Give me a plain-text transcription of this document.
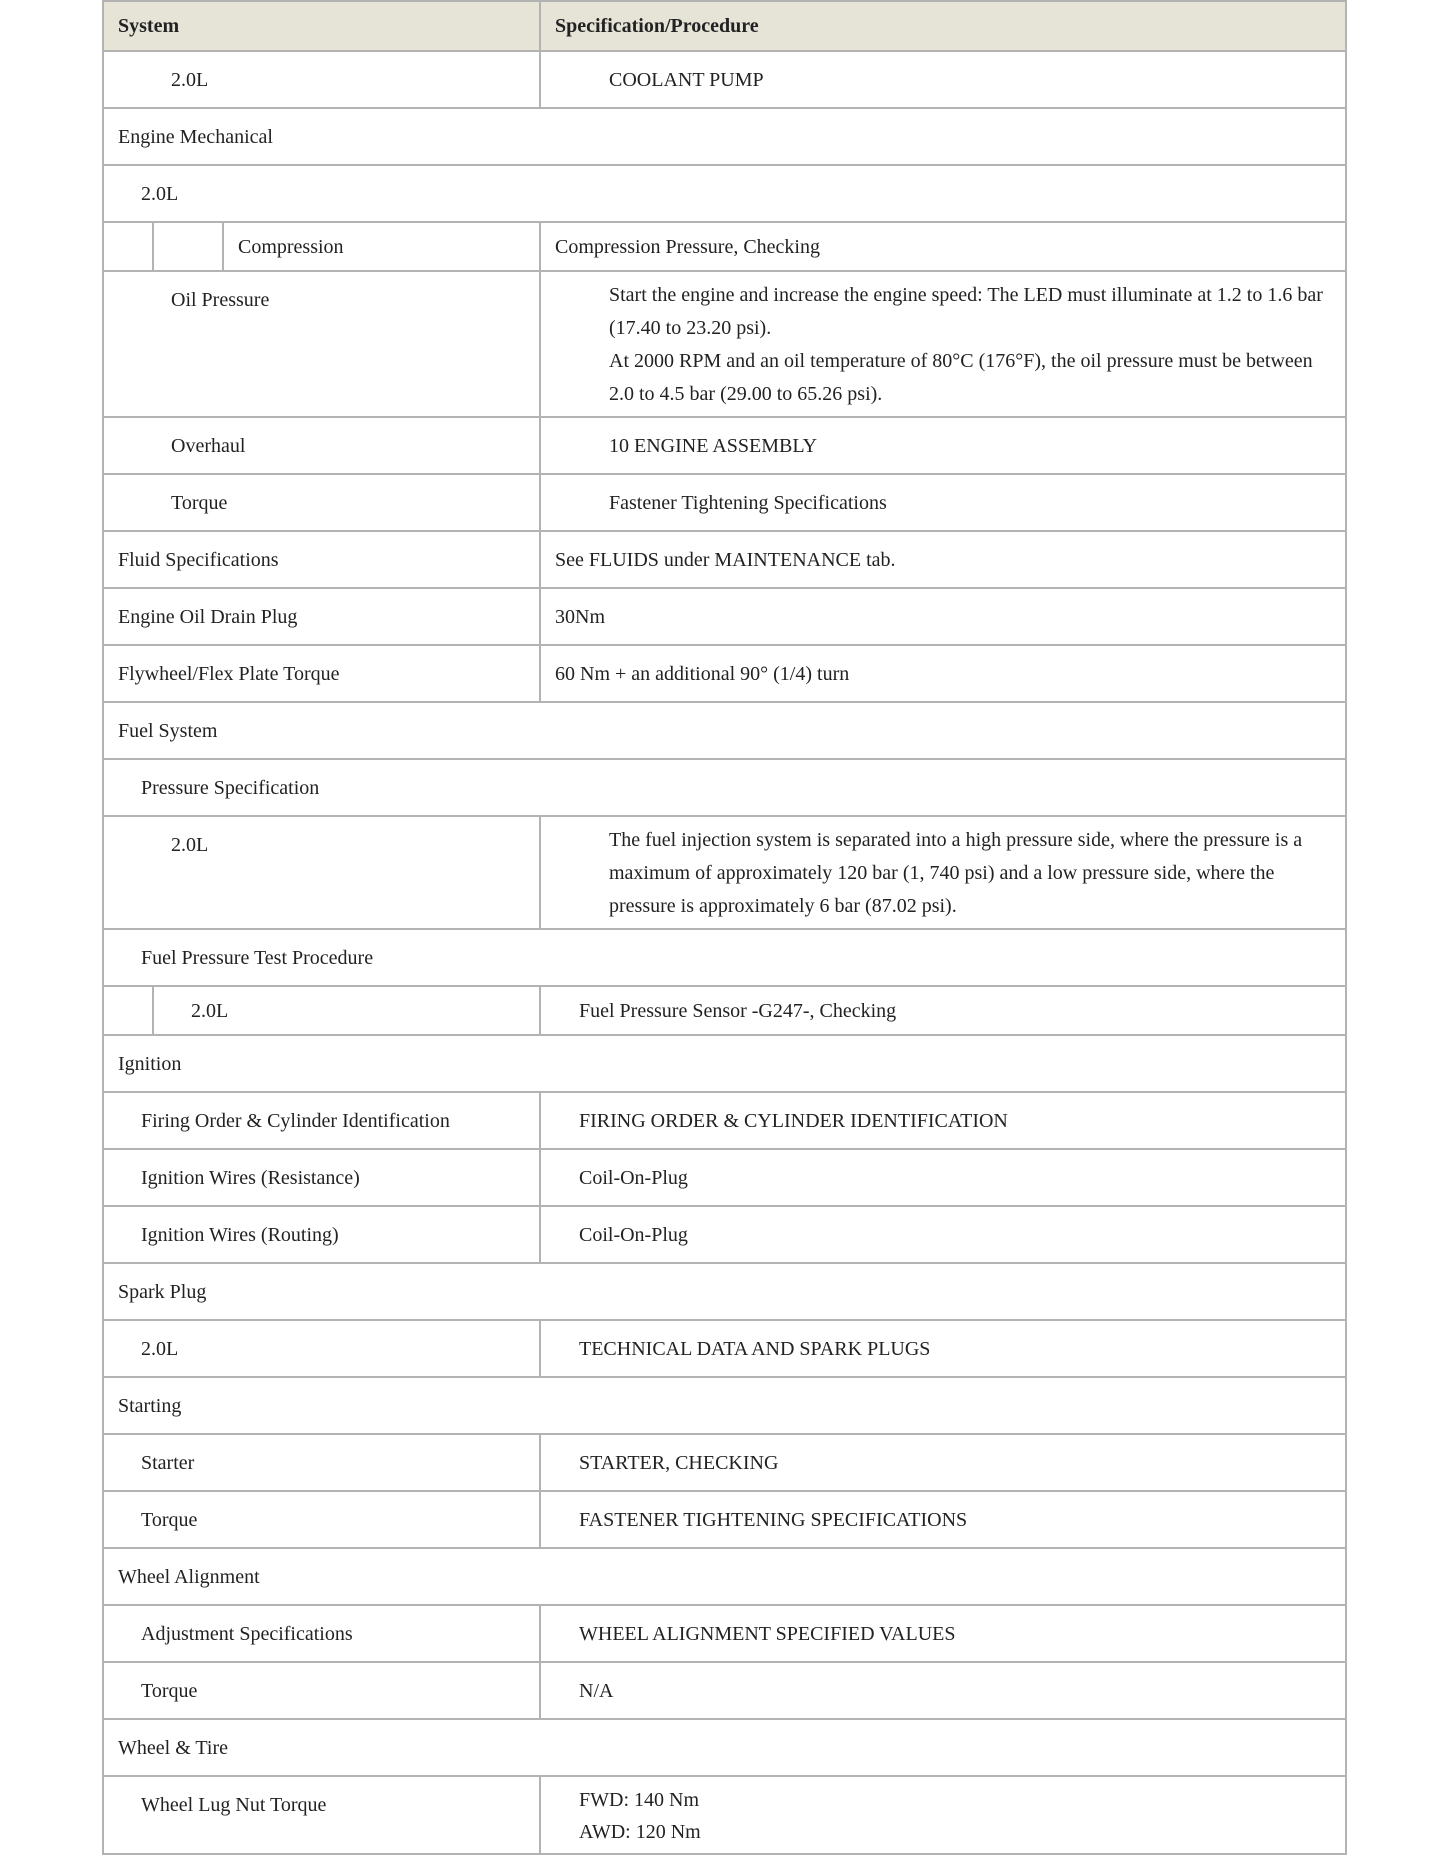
System	Specification/Procedure

2.0L	COOLANT PUMP

Engine Mechanical	

2.0L	

Compression	Compression Pressure, Checking

Oil Pressure	Start the engine and increase the engine speed: The LED must illuminate at 1.2 to 1.6 bar (17.40 to 23.20 psi).
At 2000 RPM and an oil temperature of 80°C (176°F), the oil pressure must be between 2.0 to 4.5 bar (29.00 to 65.26 psi).

Overhaul	10 ENGINE ASSEMBLY

Torque	Fastener Tightening Specifications

Fluid Specifications	See FLUIDS under MAINTENANCE tab.

Engine Oil Drain Plug	30Nm

Flywheel/Flex Plate Torque	60 Nm + an additional 90° (1/4) turn

Fuel System	

Pressure Specification	

2.0L	The fuel injection system is separated into a high pressure side, where the pressure is a maximum of approximately 120 bar (1, 740 psi) and a low pressure side, where the pressure is approximately 6 bar (87.02 psi).

Fuel Pressure Test Procedure	

2.0L	Fuel Pressure Sensor -G247-, Checking

Ignition	

Firing Order & Cylinder Identification	FIRING ORDER & CYLINDER IDENTIFICATION

Ignition Wires (Resistance)	Coil-On-Plug

Ignition Wires (Routing)	Coil-On-Plug

Spark Plug	

2.0L	TECHNICAL DATA AND SPARK PLUGS

Starting	

Starter	STARTER, CHECKING

Torque	FASTENER TIGHTENING SPECIFICATIONS

Wheel Alignment	

Adjustment Specifications	WHEEL ALIGNMENT SPECIFIED VALUES

Torque	N/A

Wheel & Tire	

Wheel Lug Nut Torque	FWD: 140 Nm
AWD: 120 Nm
